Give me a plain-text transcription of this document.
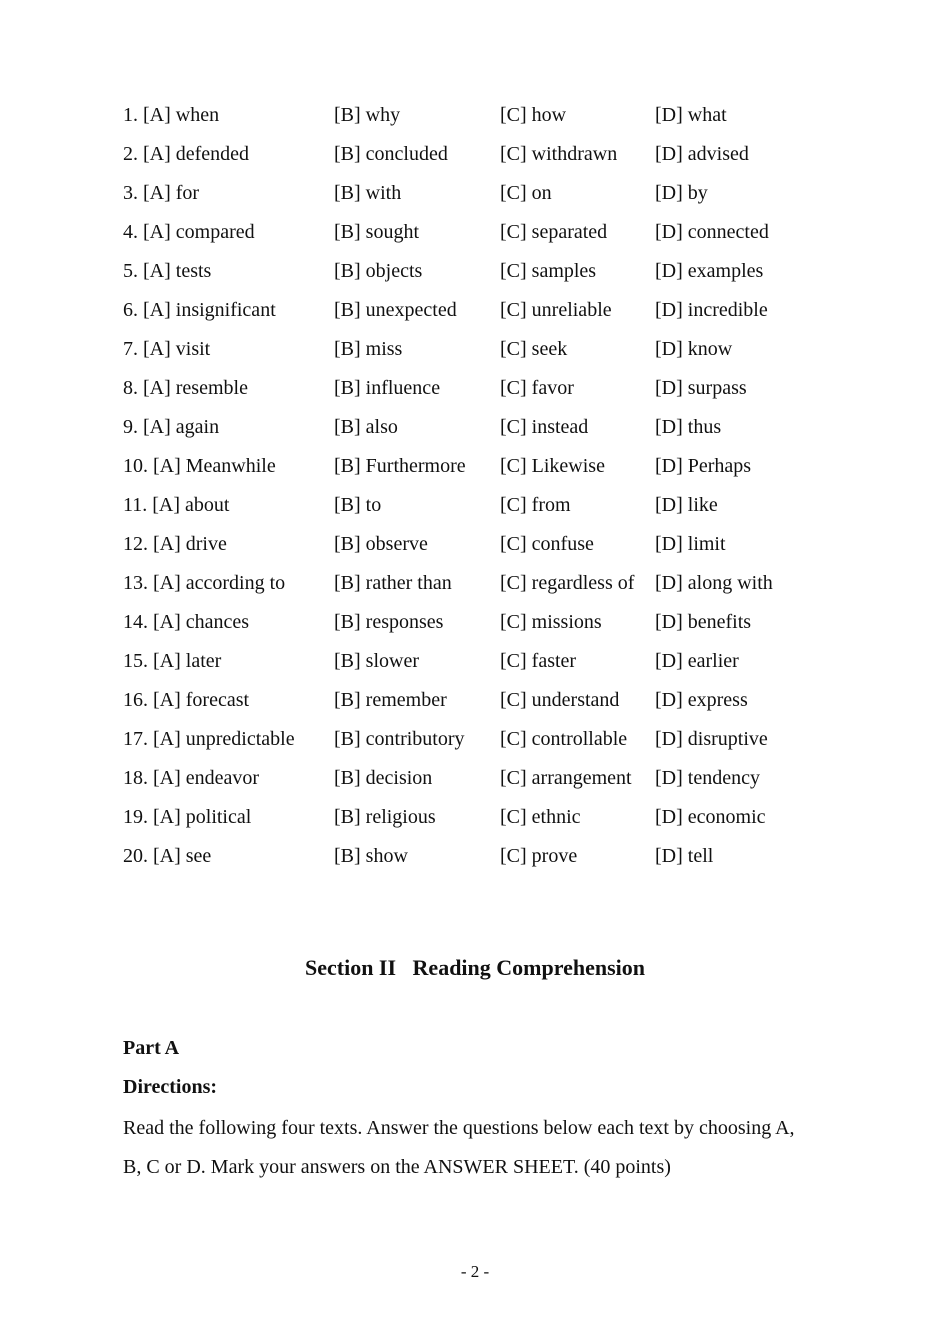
1. [A] when	[B] why	[C] how	[D] what
2. [A] defended	[B] concluded	[C] withdrawn [D] advised
3. [A] for	[B] with	[C] on	[D] by
4. [A] compared	[B] sought	[C] separated [D] connected
5. [A] tests	[B] objects	[C] samples	[D] examples
6. [A] insignificant	[B] unexpected [C] unreliable [D] incredible
7. [A] visit	[B] miss	[C] seek	[D] know
8. [A] resemble	[B] influence	[C] favor	[D] surpass
9. [A] again	[B] also	[C] instead	[D] thus
10. [A] Meanwhile	[B] Furthermore [C] Likewise	[D] Perhaps
11. [A] about	[B] to	[C] from	[D] like
12. [A] drive	[B] observe	[C] confuse	[D] limit
13. [A] according to	[B] rather than [C] regardless of [D] along with
14. [A] chances	[B] responses	[C] missions	[D] benefits
15. [A] later	[B] slower	[C] faster	[D] earlier
16. [A] forecast	[B] remember	[C] understand [D] express
17. [A] unpredictable	[B] contributory [C] controllable [D] disruptive
18. [A] endeavor	[B] decision	[C] arrangement [D] tendency
19. [A] political	[B] religious	[C] ethnic	[D] economic
20. [A] see	[B] show	[C] prove	[D] tell
Section II   Reading Comprehension
Part A
Directions:
Read the following four texts. Answer the questions below each text by choosing A,
B, C or D. Mark your answers on the ANSWER SHEET. (40 points)
- 2 -
